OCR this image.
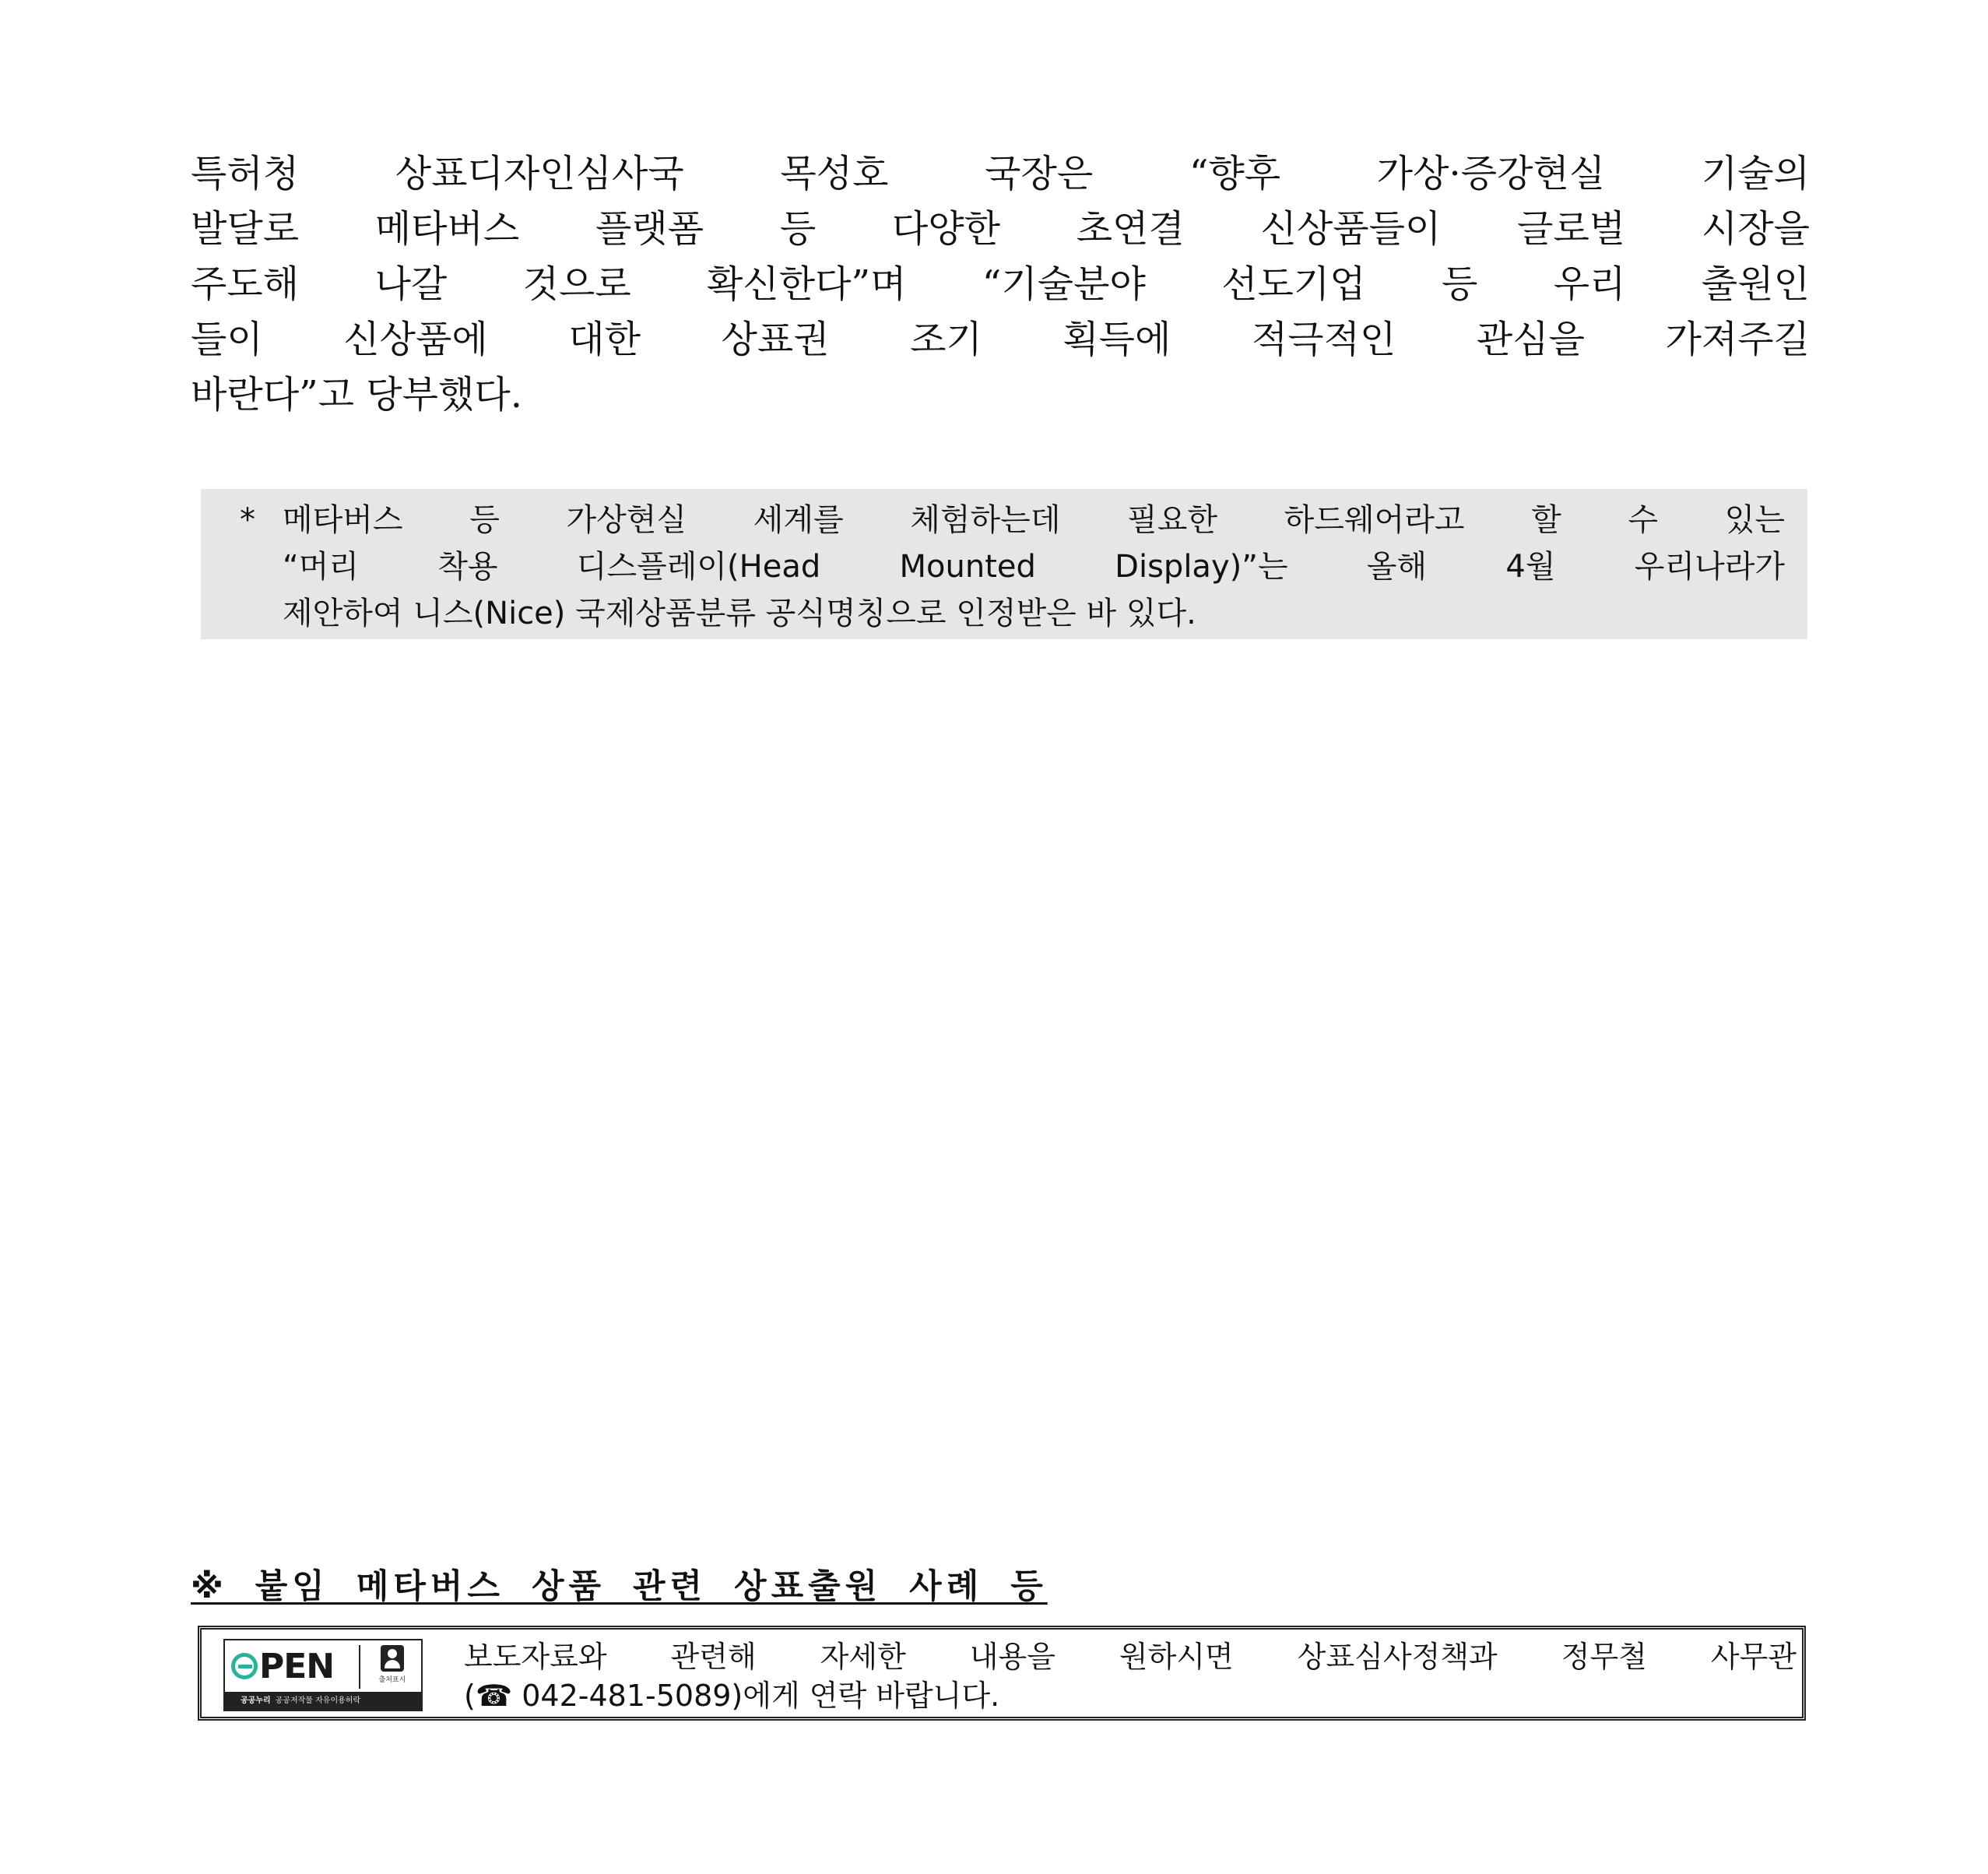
특허청 상표디자인심사국 목성호 국장은 “향후 가상·증강현실 기술의
발달로 메타버스 플랫폼 등 다양한 초연결 신상품들이 글로벌 시장을
주도해 나갈 것으로 확신한다”며 “기술분야 선도기업 등 우리 출원인
들이 신상품에 대한 상표권 조기 획득에 적극적인 관심을 가져주길
바란다”고 당부했다.
* 메타버스 등 가상현실 세계를 체험하는데 필요한 하드웨어라고 할 수 있는
“머리 착용 디스플레이(Head Mounted Display)”는 올해 4월 우리나라가
제안하여 니스(Nice) 국제상품분류 공식명칭으로 인정받은 바 있다.
※ 붙임 메타버스 상품 관련 상표출원 사례 등
PEN	출처표시
공공누리 공공저작물 자유이용허락
보도자료와 관련해 자세한 내용을 원하시면 상표심사정책과 정무철 사무관
(☎ 042-481-5089)에게 연락 바랍니다.
